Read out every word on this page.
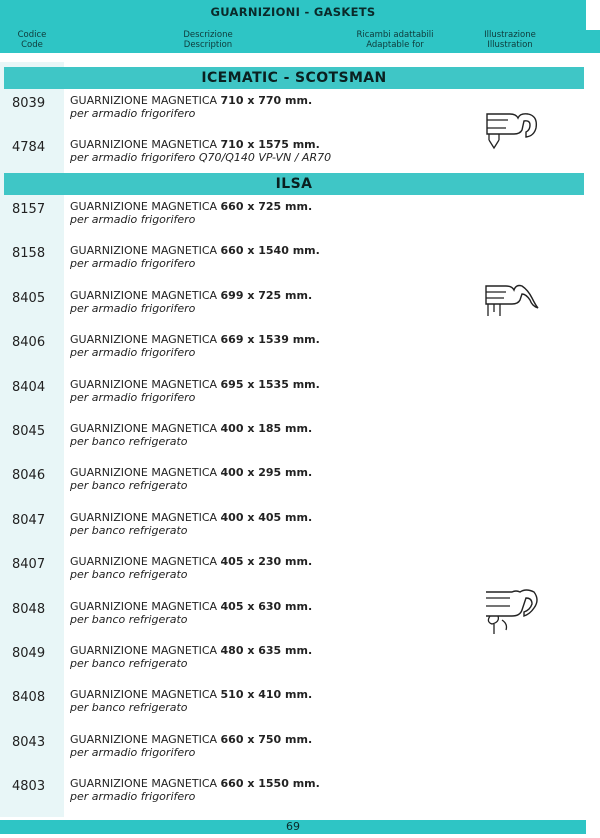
GUARNIZIONI - GASKETS
Codice
Code
Descrizione
Description
Ricambi adattabili
Adaptable for
Illustrazione
Illustration
ICEMATIC - SCOTSMAN
8039 GUARNIZIONE MAGNETICA 710 x 770 mm.
per armadio frigorifero
4784 GUARNIZIONE MAGNETICA 710 x 1575 mm.
per armadio frigorifero Q70/Q140 VP-VN / AR70
ILSA
8157 GUARNIZIONE MAGNETICA 660 x 725 mm.
per armadio frigorifero
8158 GUARNIZIONE MAGNETICA 660 x 1540 mm.
per armadio frigorifero
8405 GUARNIZIONE MAGNETICA 699 x 725 mm.
per armadio frigorifero
8406 GUARNIZIONE MAGNETICA 669 x 1539 mm.
per armadio frigorifero
8404 GUARNIZIONE MAGNETICA 695 x 1535 mm.
per armadio frigorifero
8045 GUARNIZIONE MAGNETICA 400 x 185 mm.
per banco refrigerato
8046 GUARNIZIONE MAGNETICA 400 x 295 mm.
per banco refrigerato
8047 GUARNIZIONE MAGNETICA 400 x 405 mm.
per banco refrigerato
8407 GUARNIZIONE MAGNETICA 405 x 230 mm.
per banco refrigerato
8048 GUARNIZIONE MAGNETICA 405 x 630 mm.
per banco refrigerato
8049 GUARNIZIONE MAGNETICA 480 x 635 mm.
per banco refrigerato
8408 GUARNIZIONE MAGNETICA 510 x 410 mm.
per banco refrigerato
8043 GUARNIZIONE MAGNETICA 660 x 750 mm.
per armadio frigorifero
4803 GUARNIZIONE MAGNETICA 660 x 1550 mm.
per armadio frigorifero
69
